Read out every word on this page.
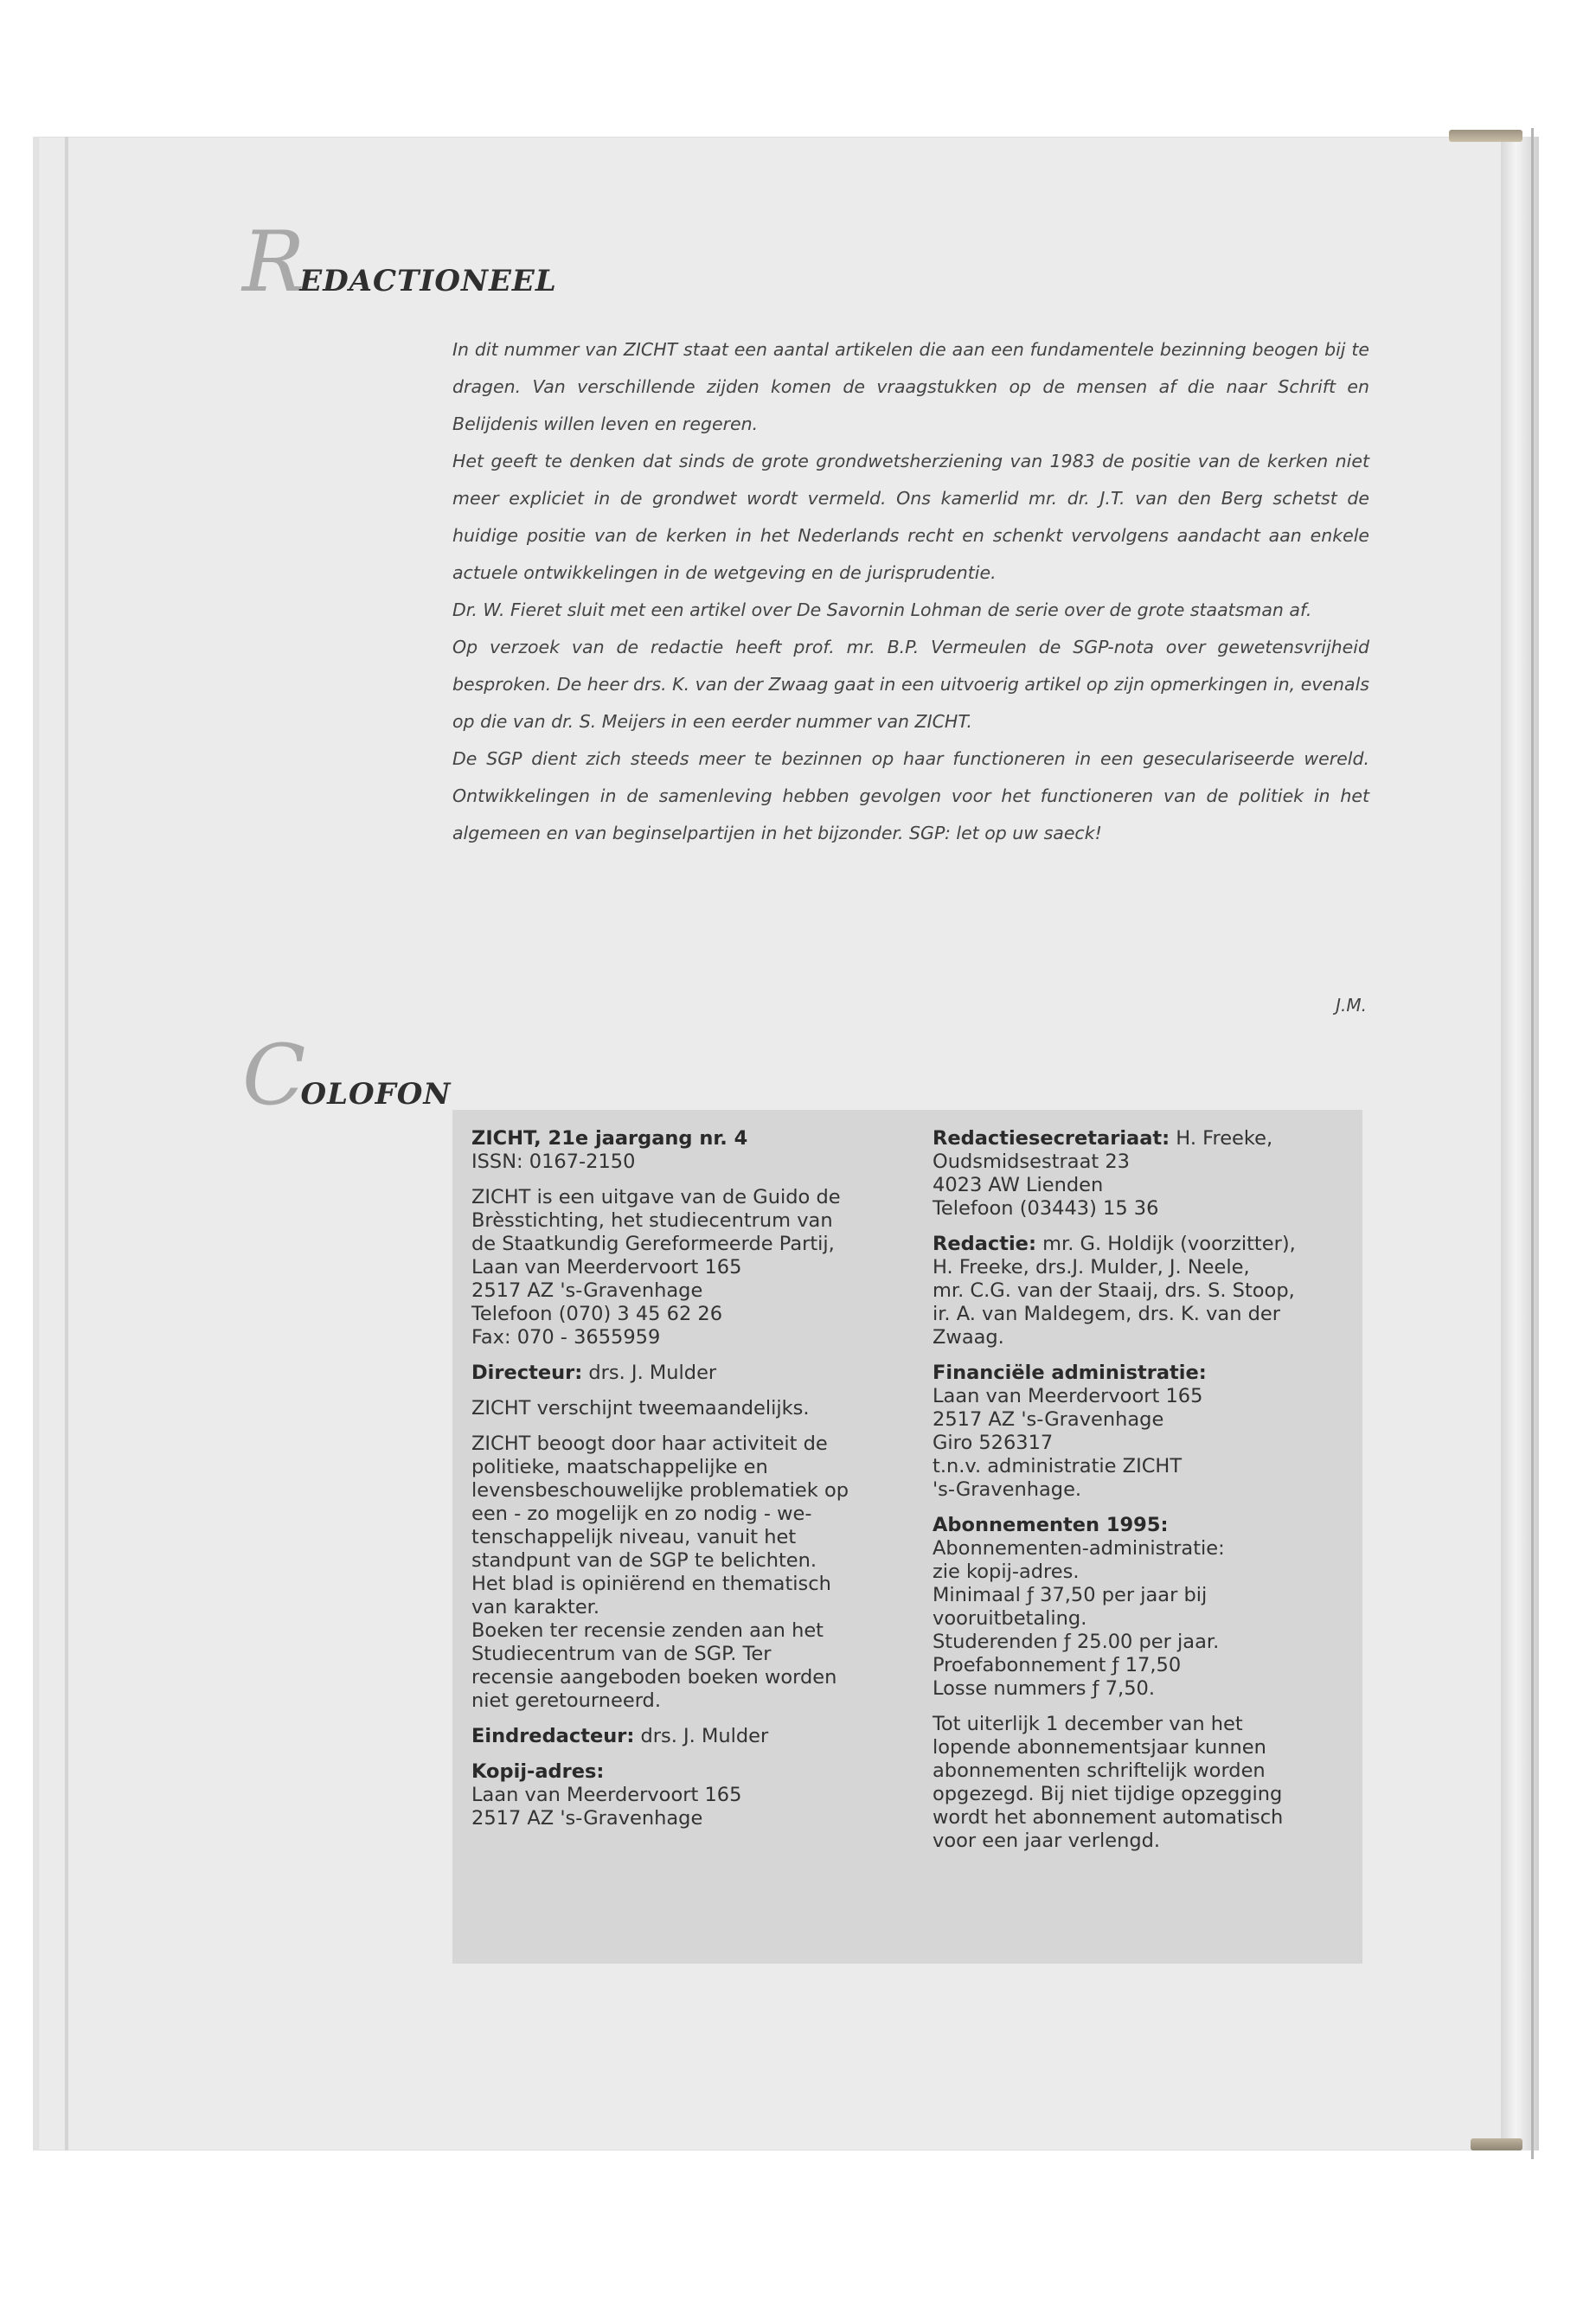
R
EDACTIONEEL

In dit nummer van ZICHT staat een aantal artikelen die aan een fundamentele bezinning beogen bij te dragen. Van verschillende zijden komen de vraagstukken op de mensen af die naar Schrift en Belijdenis willen leven en regeren.

Het geeft te denken dat sinds de grote grondwetsherziening van 1983 de positie van de kerken niet meer expliciet in de grondwet wordt vermeld. Ons kamerlid mr. dr. J.T. van den Berg schetst de huidige positie van de kerken in het Nederlands recht en schenkt vervolgens aandacht aan enkele actuele ontwikkelingen in de wetgeving en de jurisprudentie.

Dr. W. Fieret sluit met een artikel over De Savornin Lohman de serie over de grote staatsman af.

Op verzoek van de redactie heeft prof. mr. B.P. Vermeulen de SGP-nota over gewetensvrijheid besproken. De heer drs. K. van der Zwaag gaat in een uitvoerig artikel op zijn opmerkingen in, evenals op die van dr. S. Meijers in een eerder nummer van ZICHT.

De SGP dient zich steeds meer te bezinnen op haar functioneren in een geseculariseerde wereld. Ontwikkelingen in de samenleving hebben gevolgen voor het functioneren van de politiek in het algemeen en van beginselpartijen in het bijzonder. SGP: let op uw saeck!

J.M.
C
OLOFON
ZICHT, 21e jaargang nr. 4
ISSN: 0167-2150
ZICHT is een uitgave van de Guido de
Brèsstichting, het studiecentrum van
de Staatkundig Gereformeerde Partij,
Laan van Meerdervoort 165
2517 AZ 's-Gravenhage
Telefoon (070) 3 45 62 26
Fax: 070 - 3655959
Directeur: drs. J. Mulder
ZICHT verschijnt tweemaandelijks.
ZICHT beoogt door haar activiteit de
politieke, maatschappelijke en
levensbeschouwelijke problematiek op
een - zo mogelijk en zo nodig - we-
tenschappelijk niveau, vanuit het
standpunt van de SGP te belichten.
Het blad is opiniërend en thematisch
van karakter.
Boeken ter recensie zenden aan het
Studiecentrum van de SGP. Ter
recensie aangeboden boeken worden
niet geretourneerd.
Eindredacteur: drs. J. Mulder
Kopij-adres:
Laan van Meerdervoort 165
2517 AZ 's-Gravenhage
Redactiesecretariaat: H. Freeke,
Oudsmidsestraat 23
4023 AW Lienden
Telefoon (03443) 15 36
Redactie: mr. G. Holdijk (voorzitter),
H. Freeke, drs.J. Mulder, J. Neele,
mr. C.G. van der Staaij, drs. S. Stoop,
ir. A. van Maldegem, drs. K. van der
Zwaag.
Financiële administratie:
Laan van Meerdervoort 165
2517 AZ 's-Gravenhage
Giro 526317
t.n.v. administratie ZICHT
's-Gravenhage.
Abonnementen 1995:
Abonnementen-administratie:
zie kopij-adres.
Minimaal ƒ 37,50 per jaar bij
vooruitbetaling.
Studerenden ƒ 25.00 per jaar.
Proefabonnement ƒ 17,50
Losse nummers ƒ 7,50.
Tot uiterlijk 1 december van het
lopende abonnementsjaar kunnen
abonnementen schriftelijk worden
opgezegd. Bij niet tijdige opzegging
wordt het abonnement automatisch
voor een jaar verlengd.
